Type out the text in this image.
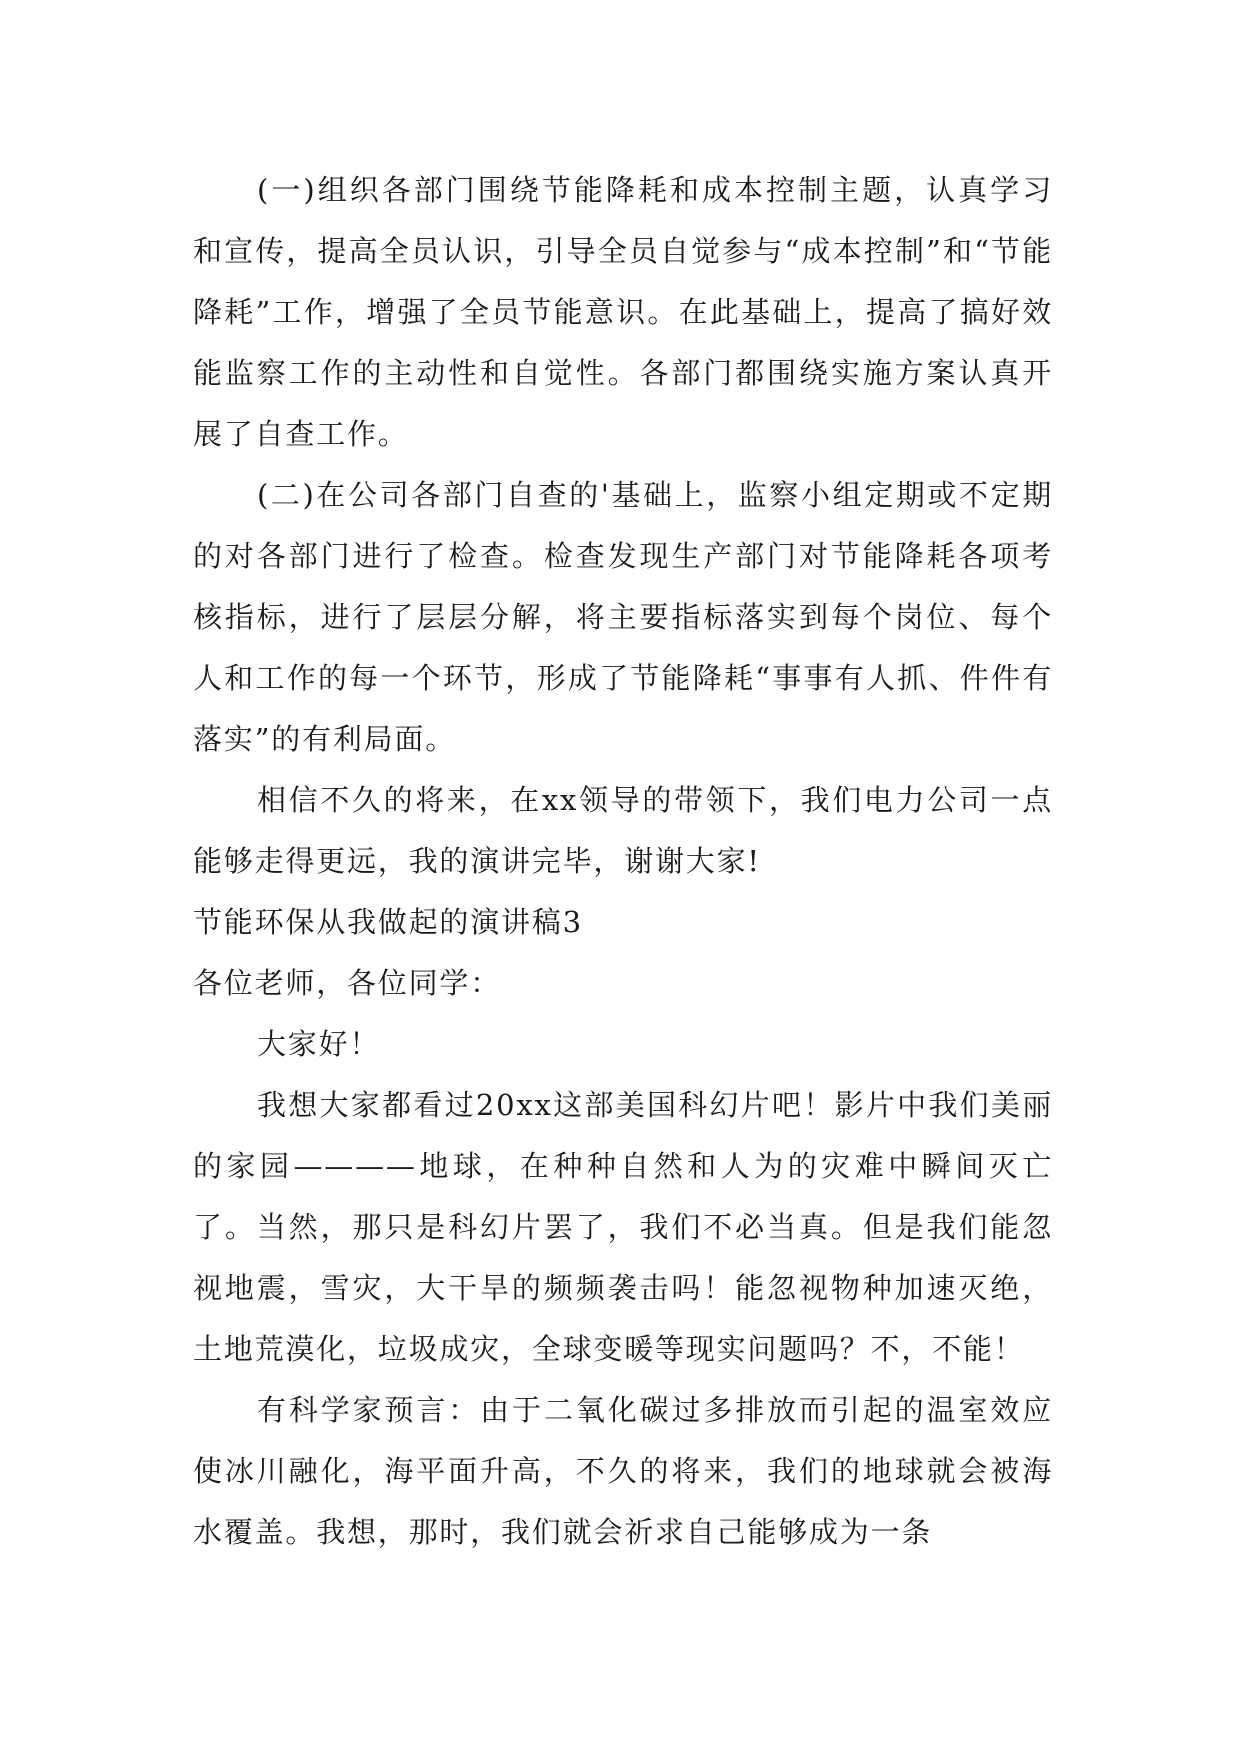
(一)组织各部门围绕节能降耗和成本控制主题，认真学习和宣传，提高全员认识，引导全员自觉参与“成本控制”和“节能降耗”工作，增强了全员节能意识。在此基础上，提高了搞好效能监察工作的主动性和自觉性。各部门都围绕实施方案认真开展了自查工作。

(二)在公司各部门自查的'基础上，监察小组定期或不定期的对各部门进行了检查。检查发现生产部门对节能降耗各项考核指标，进行了层层分解，将主要指标落实到每个岗位、每个人和工作的每一个环节，形成了节能降耗“事事有人抓、件件有落实”的有利局面。

相信不久的将来，在xx领导的带领下，我们电力公司一点能够走得更远，我的演讲完毕，谢谢大家!

节能环保从我做起的演讲稿3

各位老师，各位同学：

大家好！

我想大家都看过20xx这部美国科幻片吧！影片中我们美丽的家园————地球，在种种自然和人为的灾难中瞬间灭亡了。当然，那只是科幻片罢了，我们不必当真。但是我们能忽视地震，雪灾，大干旱的频频袭击吗！能忽视物种加速灭绝，土地荒漠化，垃圾成灾，全球变暖等现实问题吗？不，不能！

有科学家预言：由于二氧化碳过多排放而引起的温室效应使冰川融化，海平面升高，不久的将来，我们的地球就会被海水覆盖。我想，那时，我们就会祈求自己能够成为一条
